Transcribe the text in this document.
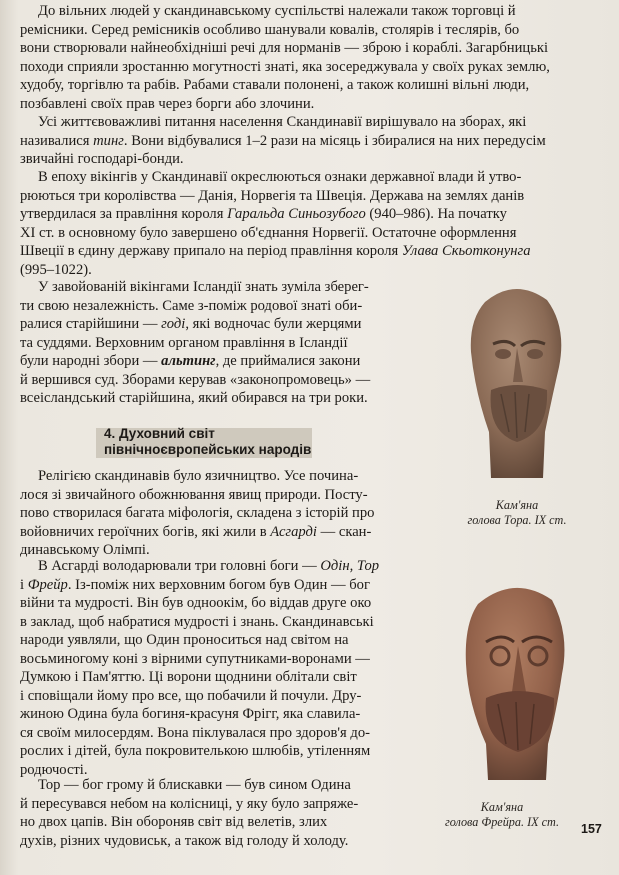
До вільних людей у скандинавському суспільстві належали також торговці й
ремісники. Серед ремісників особливо шанували ковалів, столярів і теслярів, бо
вони створювали найнеобхідніші речі для норманів — зброю і кораблі. Загарбницькі
походи сприяли зростанню могутності знаті, яка зосереджувала у своїх руках землю,
худобу, торгівлю та рабів. Рабами ставали полонені, а також колишні вільні люди,
позбавлені своїх прав через борги або злочини.
Усі життєвоважливі питання населення Скандинавії вирішувало на зборах, які
називалися тинг. Вони відбувалися 1–2 рази на місяць і збиралися на них передусім
звичайні господарі-бонди.
В епоху вікінгів у Скандинавії окреслюються ознаки державної влади й утво-
рюються три королівства — Данія, Норвегія та Швеція. Держава на землях данів
утвердилася за правління короля Гаральда Синьозубого (940–986). На початку
XI ст. в основному було завершено об'єднання Норвегії. Остаточне оформлення
Швеції в єдину державу припало на період правління короля Улава Скьотконунга
(995–1022).
У завойованій вікінгами Ісландії знать зуміла зберег-
ти свою незалежність. Саме з-поміж родової знаті оби-
ралися старійшини — годі, які водночас були жерцями
та суддями. Верховним органом правління в Ісландії
були народні збори — альтинг, де приймалися закони
й вершився суд. Зборами керував «законопромовець» —
всеісландський старійшина, який обирався на три роки.
4. Духовний світ
північноєвропейських народів
Релігією скандинавів було язичництво. Усе почина-
лося зі звичайного обожнювання явищ природи. Посту-
пово створилася багата міфологія, складена з історій про
войовничих героїчних богів, які жили в Асгарді — скан-
динавському Олімпі.
В Асгарді володарювали три головні боги — Одін, Тор
і Фрейр. Із-поміж них верховним богом був Один — бог
війни та мудрості. Він був одноокім, бо віддав друге око
в заклад, щоб набратися мудрості і знань. Скандинавські
народи уявляли, що Один проноситься над світом на
восьминогому коні з вірними супутниками-воронами —
Думкою і Пам'яттю. Ці ворони щоднини облітали світ
і сповіщали йому про все, що побачили й почули. Дру-
жиною Одина була богиня-красуня Фрігг, яка славила-
ся своїм милосердям. Вона піклувалася про здоров'я до-
рослих і дітей, була покровителькою шлюбів, утіленням
родючості.
Тор — бог грому й блискавки — був сином Одина
й пересувався небом на колісниці, у яку було запряже-
но двох цапів. Він обороняв світ від велетів, злих
духів, різних чудовиськ, а також від голоду й холоду.
Кам'яна
голова Тора. IX ст.
Кам'яна
голова Фрейра. IX ст.	157
